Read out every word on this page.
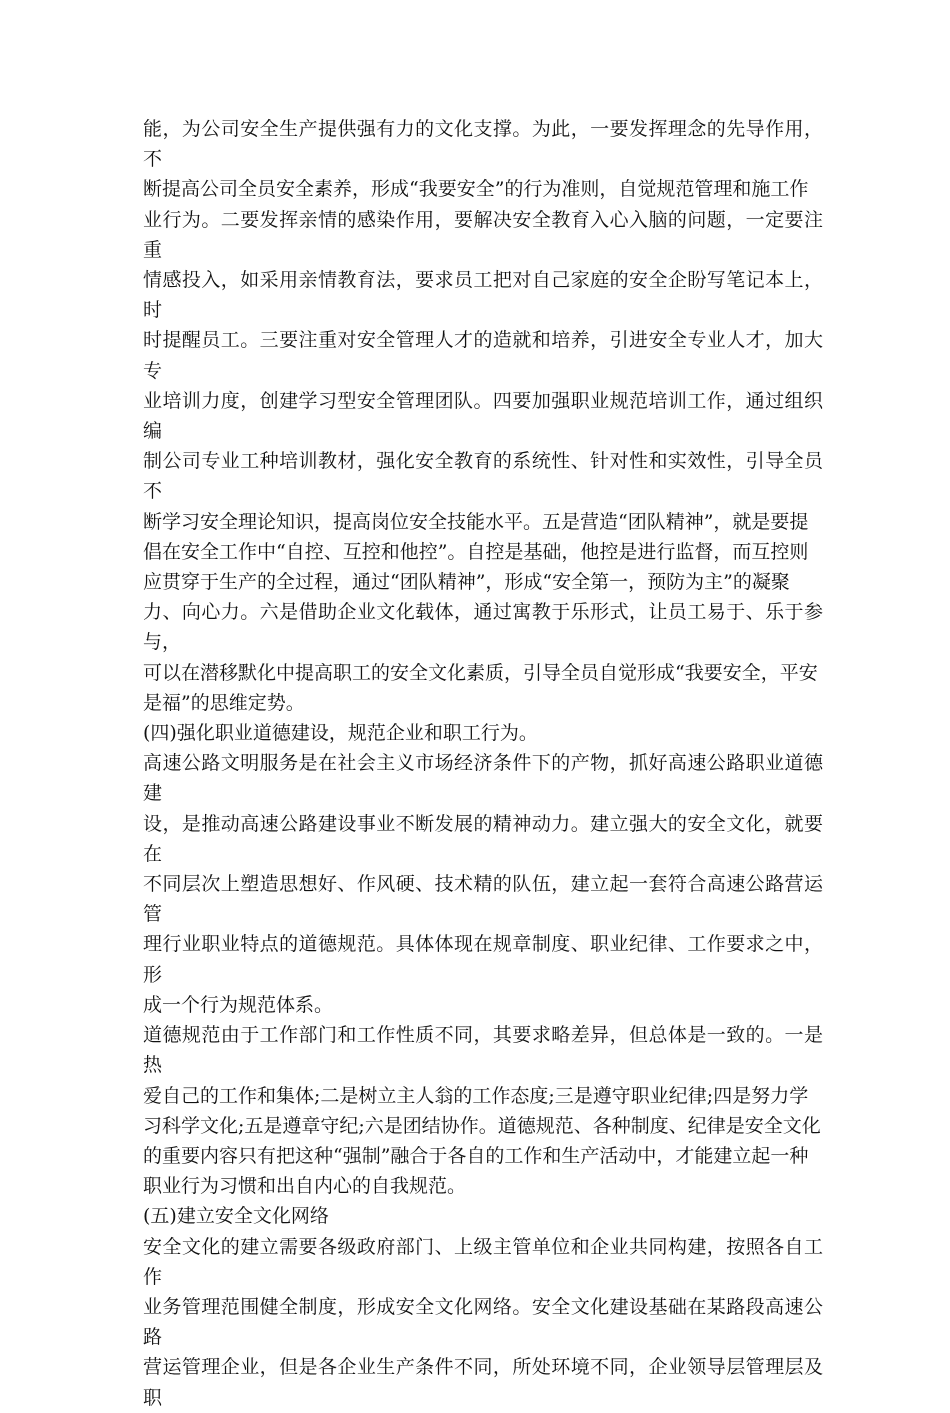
能，为公司安全生产提供强有力的文化支撑。为此，一要发挥理念的先导作用，不
断提高公司全员安全素养，形成“我要安全”的行为准则，自觉规范管理和施工作
业行为。二要发挥亲情的感染作用，要解决安全教育入心入脑的问题，一定要注重
情感投入，如采用亲情教育法，要求员工把对自己家庭的安全企盼写笔记本上，时
时提醒员工。三要注重对安全管理人才的造就和培养，引进安全专业人才，加大专
业培训力度，创建学习型安全管理团队。四要加强职业规范培训工作，通过组织编
制公司专业工种培训教材，强化安全教育的系统性、针对性和实效性，引导全员不
断学习安全理论知识，提高岗位安全技能水平。五是营造“团队精神”，就是要提
倡在安全工作中“自控、互控和他控”。自控是基础，他控是进行监督，而互控则
应贯穿于生产的全过程，通过“团队精神”，形成“安全第一，预防为主”的凝聚
力、向心力。六是借助企业文化载体，通过寓教于乐形式，让员工易于、乐于参与，
可以在潜移默化中提高职工的安全文化素质，引导全员自觉形成“我要安全，平安
是福”的思维定势。

(四)强化职业道德建设，规范企业和职工行为。

高速公路文明服务是在社会主义市场经济条件下的产物，抓好高速公路职业道德建
设，是推动高速公路建设事业不断发展的精神动力。建立强大的安全文化，就要在
不同层次上塑造思想好、作风硬、技术精的队伍，建立起一套符合高速公路营运管
理行业职业特点的道德规范。具体体现在规章制度、职业纪律、工作要求之中，形
成一个行为规范体系。

道德规范由于工作部门和工作性质不同，其要求略差异，但总体是一致的。一是热
爱自己的工作和集体;二是树立主人翁的工作态度;三是遵守职业纪律;四是努力学
习科学文化;五是遵章守纪;六是团结协作。道德规范、各种制度、纪律是安全文化
的重要内容只有把这种“强制”融合于各自的工作和生产活动中，才能建立起一种
职业行为习惯和出自内心的自我规范。

(五)建立安全文化网络

安全文化的建立需要各级政府部门、上级主管单位和企业共同构建，按照各自工作
业务管理范围健全制度，形成安全文化网络。安全文化建设基础在某路段高速公路
营运管理企业，但是各企业生产条件不同，所处环境不同，企业领导层管理层及职
